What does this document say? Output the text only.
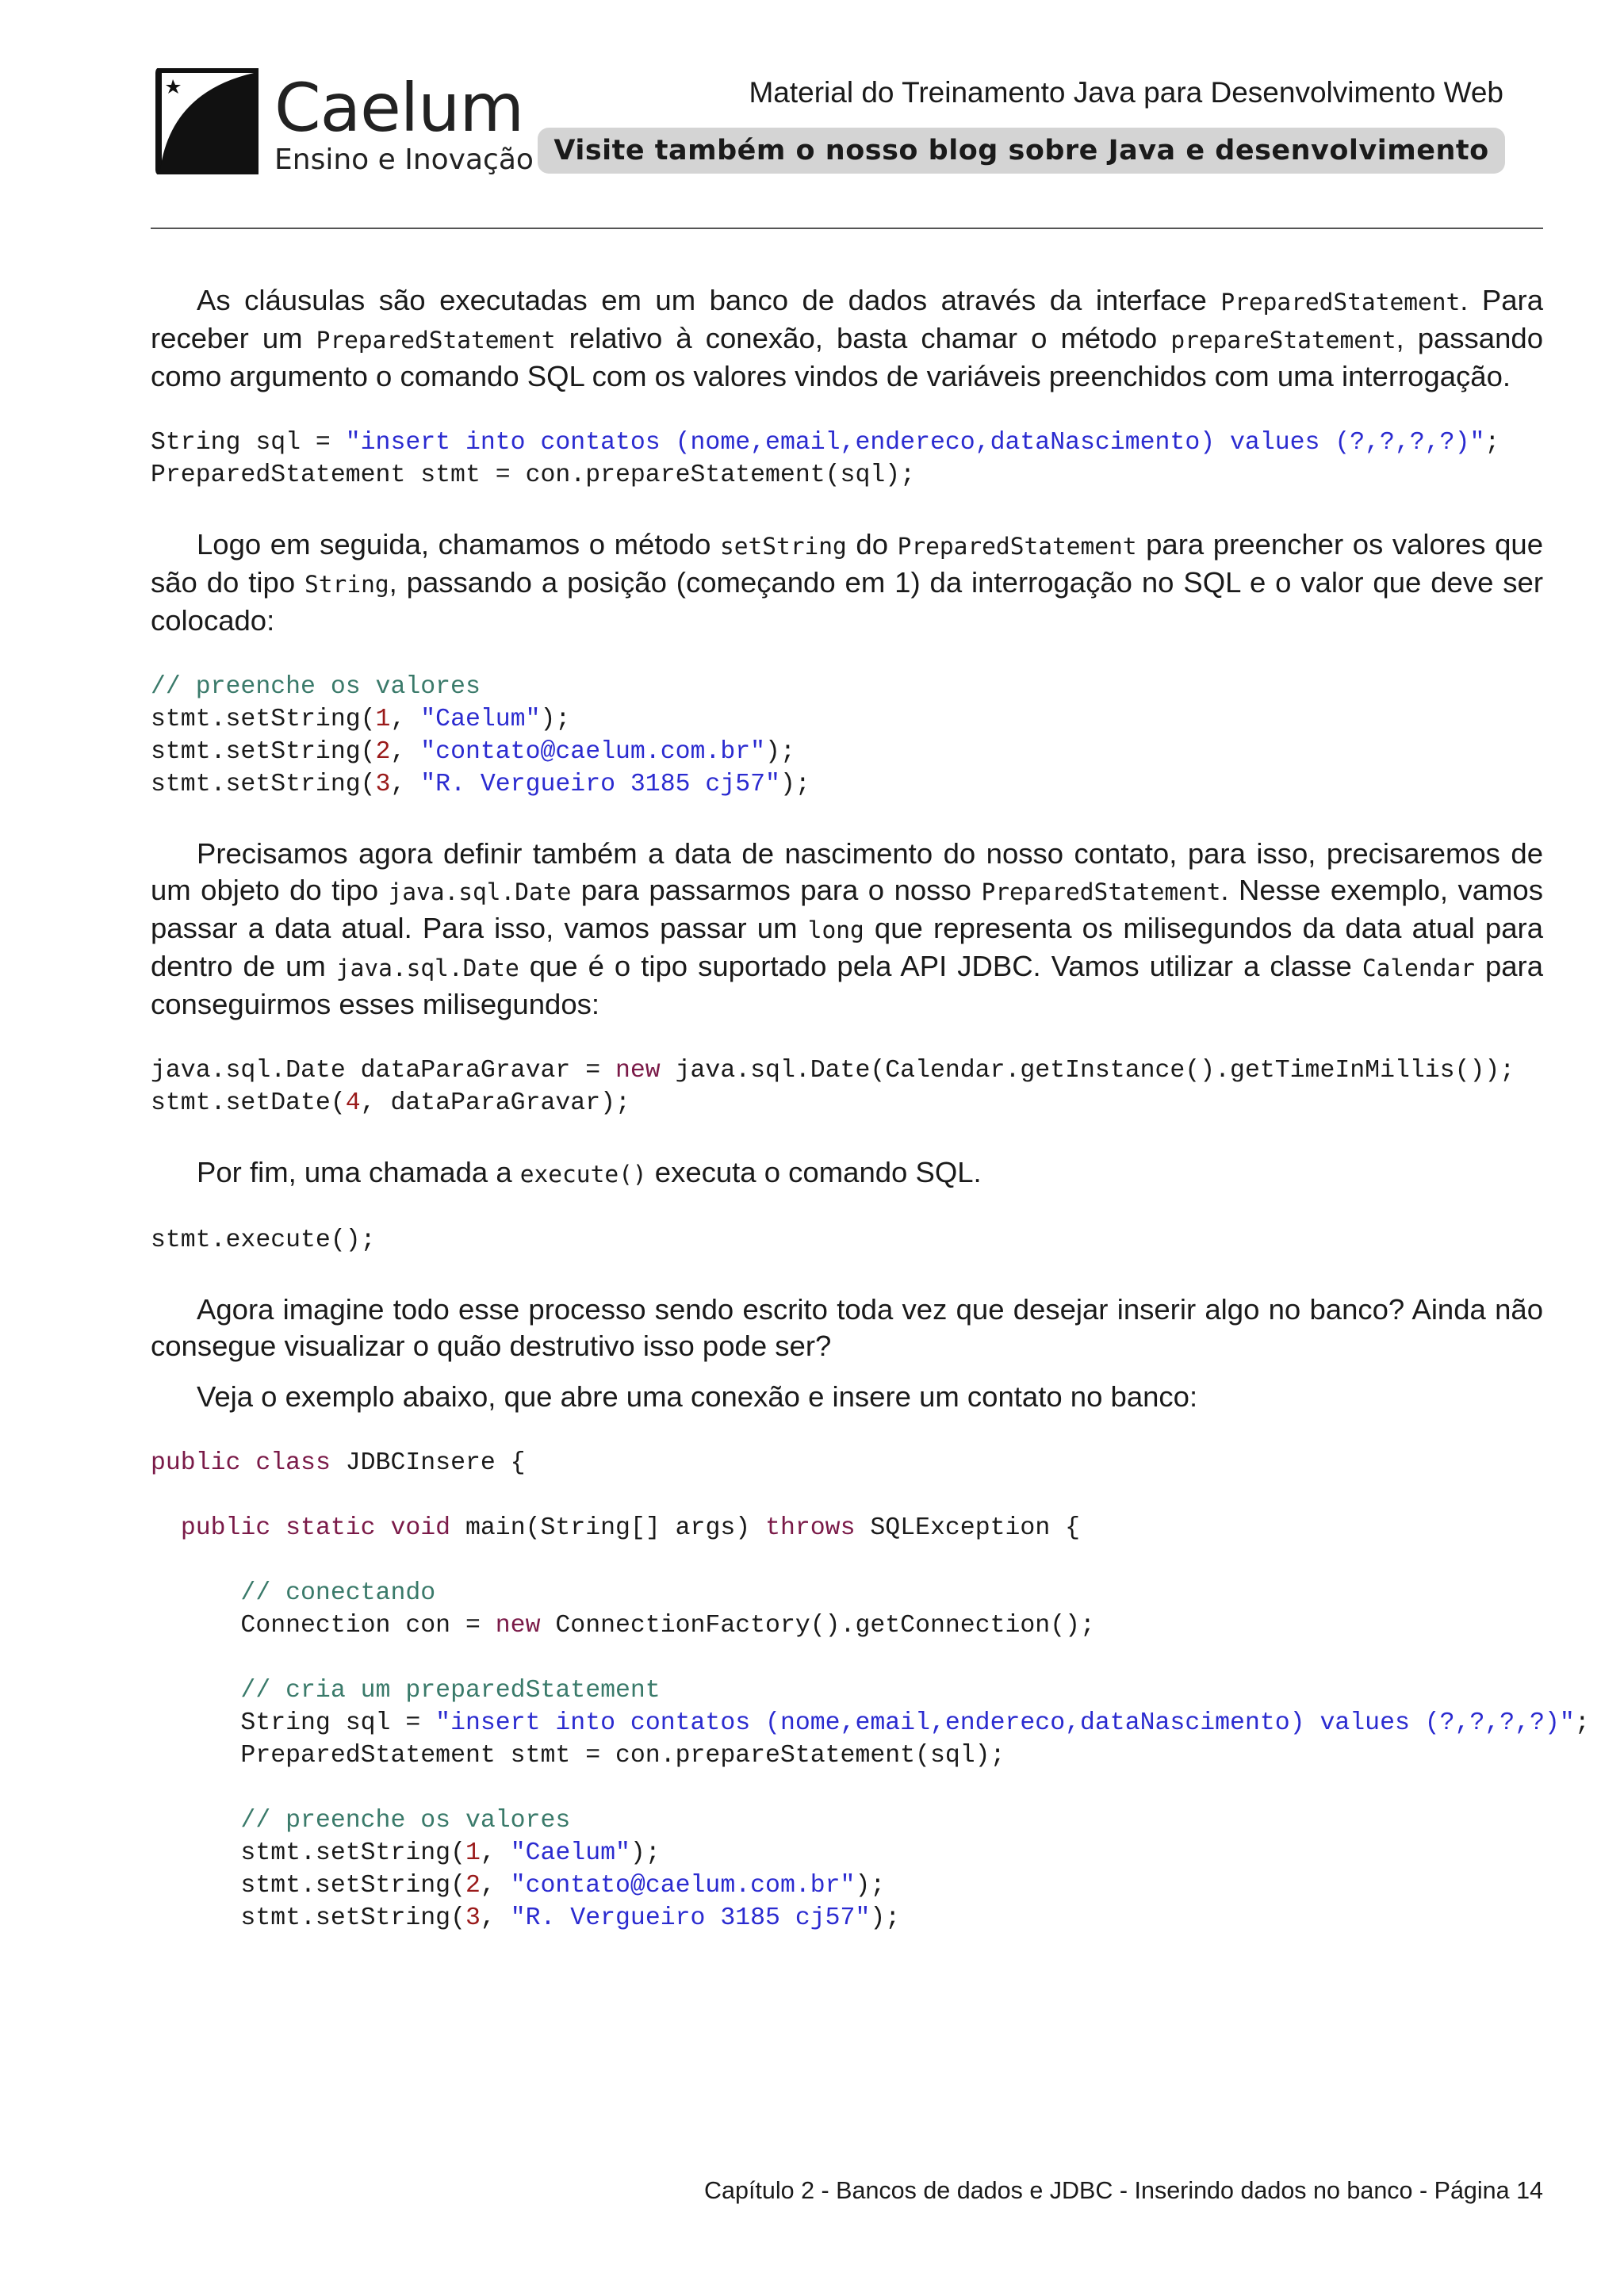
Caelum
Ensino e Inovação
Material do Treinamento Java para Desenvolvimento Web
Visite também o nosso blog sobre Java e desenvolvimento

As cláusulas são executadas em um banco de dados através da interface PreparedStatement. Para receber um PreparedStatement relativo à conexão, basta chamar o método prepareStatement, passando como argumento o comando SQL com os valores vindos de variáveis preenchidos com uma interrogação.

String sql = "insert into contatos (nome,email,endereco,dataNascimento) values (?,?,?,?)";
PreparedStatement stmt = con.prepareStatement(sql);

Logo em seguida, chamamos o método setString do PreparedStatement para preencher os valores que são do tipo String, passando a posição (começando em 1) da interrogação no SQL e o valor que deve ser colocado:

// preenche os valores
stmt.setString(1, "Caelum");
stmt.setString(2, "contato@caelum.com.br");
stmt.setString(3, "R. Vergueiro 3185 cj57");

Precisamos agora definir também a data de nascimento do nosso contato, para isso, precisaremos de um objeto do tipo java.sql.Date para passarmos para o nosso PreparedStatement. Nesse exemplo, vamos passar a data atual. Para isso, vamos passar um long que representa os milisegundos da data atual para dentro de um java.sql.Date que é o tipo suportado pela API JDBC. Vamos utilizar a classe Calendar para conseguirmos esses milisegundos:

java.sql.Date dataParaGravar = new java.sql.Date(Calendar.getInstance().getTimeInMillis());
stmt.setDate(4, dataParaGravar);

Por fim, uma chamada a execute() executa o comando SQL.

stmt.execute();

Agora imagine todo esse processo sendo escrito toda vez que desejar inserir algo no banco? Ainda não consegue visualizar o quão destrutivo isso pode ser?

Veja o exemplo abaixo, que abre uma conexão e insere um contato no banco:

public class JDBCInsere {

public static void main(String[] args) throws SQLException {

// conectando
Connection con = new ConnectionFactory().getConnection();

// cria um preparedStatement
String sql = "insert into contatos (nome,email,endereco,dataNascimento) values (?,?,?,?)";
PreparedStatement stmt = con.prepareStatement(sql);

// preenche os valores
stmt.setString(1, "Caelum");
stmt.setString(2, "contato@caelum.com.br");
stmt.setString(3, "R. Vergueiro 3185 cj57");
Capítulo 2 - Bancos de dados e JDBC - Inserindo dados no banco - Página 14
